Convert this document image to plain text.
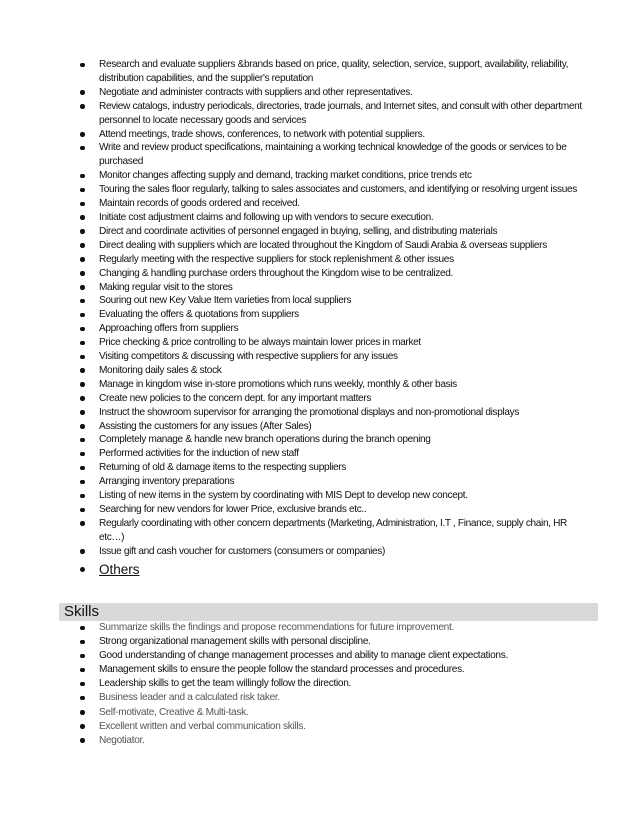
Research and evaluate suppliers &brands based on price, quality, selection, service, support, availability, reliability, distribution capabilities, and the supplier's reputation
Negotiate and administer contracts with suppliers and other representatives.
Review catalogs, industry periodicals, directories, trade journals, and Internet sites, and consult with other department personnel to locate necessary goods and services
Attend meetings, trade shows, conferences, to network with potential suppliers.
Write and review product specifications, maintaining a working technical knowledge of the goods or services to be purchased
Monitor changes affecting supply and demand, tracking market conditions, price trends etc
Touring the sales floor regularly, talking to sales associates and customers, and identifying or resolving urgent issues
Maintain records of goods ordered and received.
Initiate cost adjustment claims and following up with vendors to secure execution.
Direct and coordinate activities of personnel engaged in buying, selling, and distributing materials
Direct dealing with suppliers which are located throughout the Kingdom of Saudi Arabia & overseas suppliers
Regularly meeting with the respective suppliers for stock replenishment & other issues
Changing & handling purchase orders throughout the Kingdom wise to be centralized.
Making regular visit to the stores
Souring out new Key Value Item varieties from local suppliers
Evaluating the offers & quotations from suppliers
Approaching offers from suppliers
Price checking & price controlling to be always maintain lower prices in market
Visiting competitors & discussing with respective suppliers for any issues
Monitoring daily sales & stock
Manage in kingdom wise in-store promotions which runs weekly, monthly & other basis
Create new policies to the concern dept. for any important matters
Instruct the showroom supervisor for arranging the promotional displays and non-promotional displays
Assisting the customers for any issues (After Sales)
Completely manage & handle new branch operations during the branch opening
Performed activities for the induction of new staff
Returning of old & damage items to the respecting suppliers
Arranging inventory preparations
Listing of new items in the system by coordinating with MIS Dept to develop new concept.
Searching for new vendors for lower Price, exclusive brands etc..
Regularly coordinating with other concern departments (Marketing, Administration, I.T , Finance, supply chain, HR etc…)
Issue gift and cash voucher for customers (consumers or companies)
Others
Skills
Summarize skills the findings and propose recommendations for future improvement.
Strong organizational management skills with personal discipline.
Good understanding of change management processes and ability to manage client expectations.
Management skills to ensure the people follow the standard processes and procedures.
Leadership skills to get the team willingly follow the direction.
Business leader and a calculated risk taker.
Self-motivate, Creative & Multi-task.
Excellent written and verbal communication skills.
Negotiator.
